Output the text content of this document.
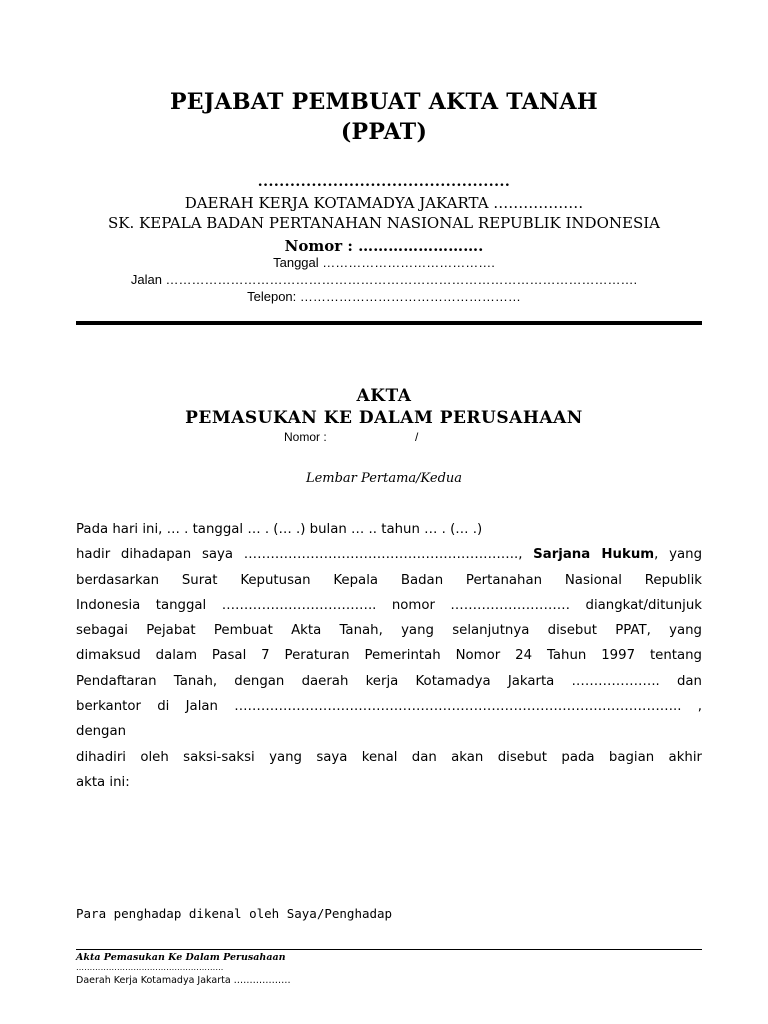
PEJABAT PEMBUAT AKTA TANAH
(PPAT)
...............................................
DAERAH KERJA KOTAMADYA JAKARTA ………………
SK. KEPALA BADAN PERTANAHAN NASIONAL REPUBLIK INDONESIA
Nomor : …………………….
Tanggal ………………………………….
Jalan ……………………………………………………………………………………………….
Telepon: ……………………………………………
AKTA
PEMASUKAN KE DALAM PERUSAHAAN
Nomor :	/
Lembar Pertama/Kedua
Pada hari ini, … . tanggal … . (… .) bulan … .. tahun … . (… .)
hadir dihadapan saya …………………………………………………….., Sarjana Hukum, yang
berdasarkan Surat Keputusan Kepala Badan Pertanahan Nasional Republik
Indonesia tanggal …………………………….. nomor ……………………… diangkat/ditunjuk
sebagai Pejabat Pembuat Akta Tanah, yang selanjutnya disebut PPAT, yang
dimaksud dalam Pasal 7 Peraturan Pemerintah Nomor 24 Tahun 1997 tentang
Pendaftaran Tanah, dengan daerah kerja Kotamadya Jakarta ……………….. dan
berkantor di Jalan ……………………………………………………………………………………….. , dengan
dihadiri oleh saksi-saksi yang saya kenal dan akan disebut pada bagian akhir
akta ini:
Para penghadap dikenal oleh Saya/Penghadap
Akta Pemasukan Ke Dalam Perusahaan
………………………………………………
Daerah Kerja Kotamadya Jakarta ………………
